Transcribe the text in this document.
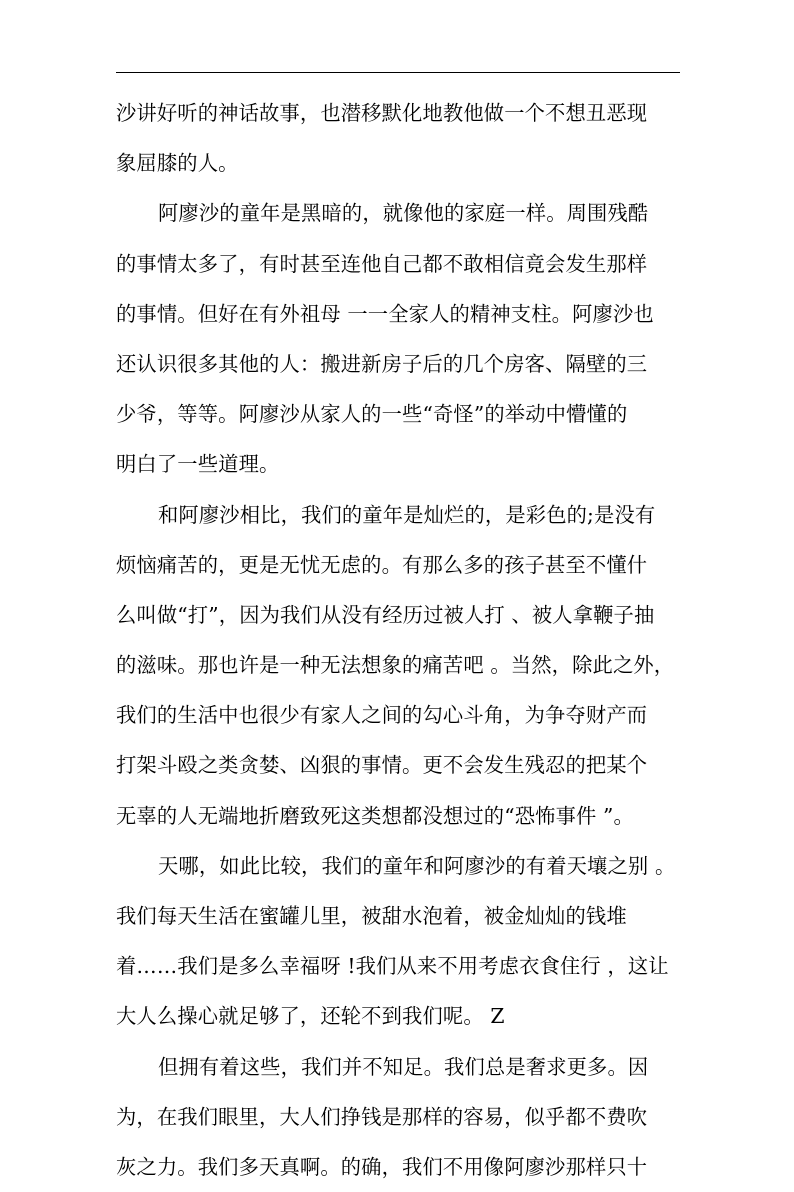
沙讲好听的神话故事，也潜移默化地教他做一个不想丑恶现
象屈膝的人。
阿廖沙的童年是黑暗的，就像他的家庭一样。周围残酷
的事情太多了，有时甚至连他自己都不敢相信竟会发生那样
的事情。但好在有外祖母 一一全家人的精神支柱。阿廖沙也
还认识很多其他的人：搬进新房子后的几个房客、隔壁的三
少爷，等等。阿廖沙从家人的一些“奇怪”的举动中懵懂的
明白了一些道理。
和阿廖沙相比，我们的童年是灿烂的，是彩色的;是没有
烦恼痛苦的，更是无忧无虑的。有那么多的孩子甚至不懂什
么叫做“打”，因为我们从没有经历过被人打 、被人拿鞭子抽
的滋味。那也许是一种无法想象的痛苦吧 。当然，除此之外，
我们的生活中也很少有家人之间的勾心斗角，为争夺财产而
打架斗殴之类贪婪、凶狠的事情。更不会发生残忍的把某个
无辜的人无端地折磨致死这类想都没想过的“恐怖事件 ”。
天哪，如此比较，我们的童年和阿廖沙的有着天壤之别 。
我们每天生活在蜜罐儿里，被甜水泡着，被金灿灿的钱堆
着……我们是多么幸福呀 !我们从来不用考虑衣食住行 ，这让
大人么操心就足够了，还轮不到我们呢。 Z
但拥有着这些，我们并不知足。我们总是奢求更多。因
为，在我们眼里，大人们挣钱是那样的容易，似乎都不费吹
灰之力。我们多天真啊。的确，我们不用像阿廖沙那样只十
